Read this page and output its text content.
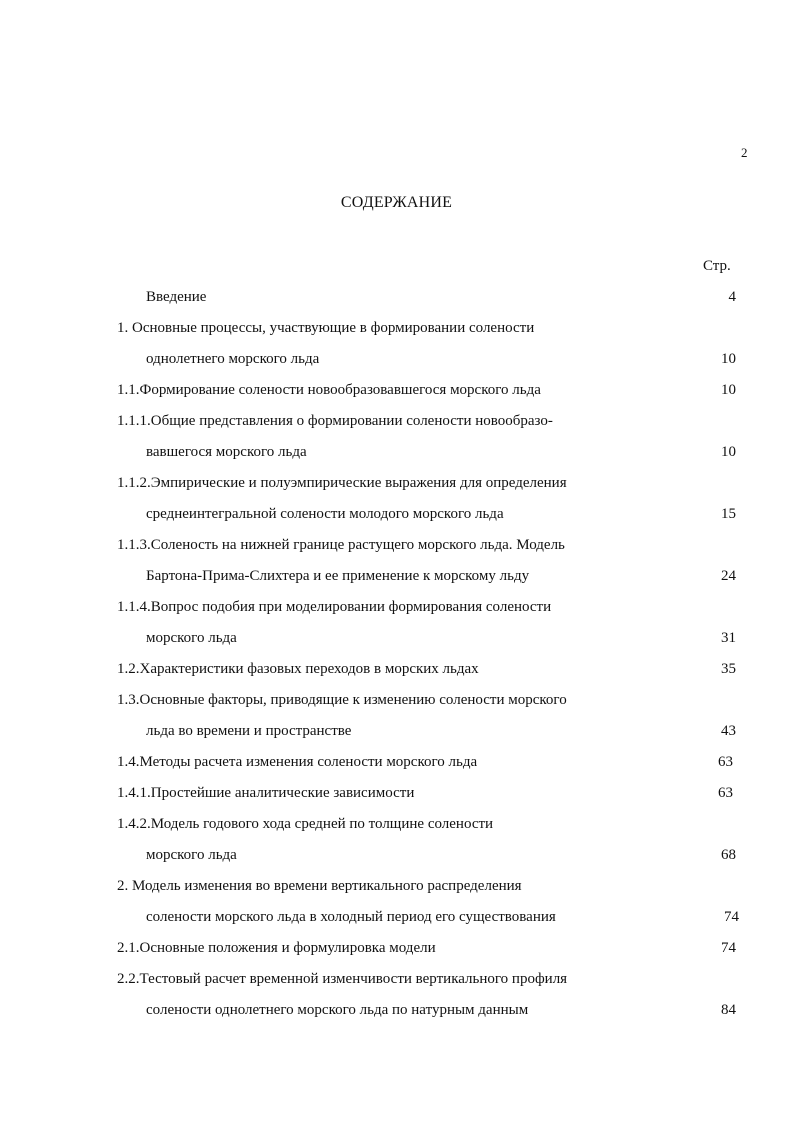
2
СОДЕРЖАНИЕ
Стр.
Введение	4
1. Основные процессы, участвующие в формировании солености
однолетнего морского льда	10
1.1.Формирование солености новообразовавшегося морского льда	10
1.1.1.Общие представления о формировании солености новообразо-
вавшегося морского льда	10
1.1.2.Эмпирические и полуэмпирические выражения для определения
среднеинтегральной солености молодого морского льда	15
1.1.3.Соленость на нижней границе растущего морского льда. Модель
Бартона-Прима-Слихтера и ее применение к морскому льду	24
1.1.4.Вопрос подобия при моделировании формирования солености
морского льда	31
1.2.Характеристики фазовых переходов в морских льдах	35
1.3.Основные факторы, приводящие к изменению солености морского
льда во времени и пространстве	43
1.4.Методы расчета изменения солености морского льда	63
1.4.1.Простейшие аналитические зависимости	63
1.4.2.Модель годового хода средней по толщине солености
морского льда	68
2. Модель изменения во времени вертикального распределения
солености морского льда в холодный период его существования	74
2.1.Основные положения и формулировка модели	74
2.2.Тестовый расчет временной изменчивости вертикального профиля
солености однолетнего морского льда по натурным данным	84
